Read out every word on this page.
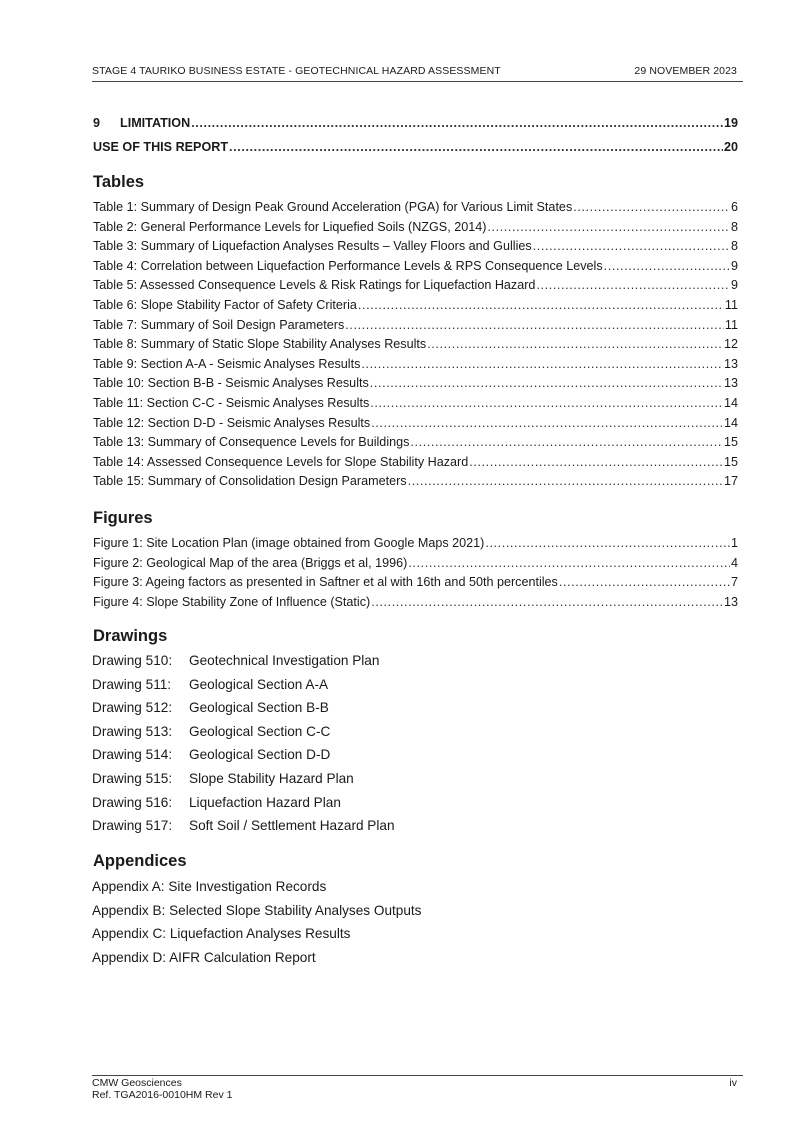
STAGE 4 TAURIKO BUSINESS ESTATE - GEOTECHNICAL HAZARD ASSESSMENT	29 NOVEMBER 2023
9	LIMITATION .....	19
USE OF THIS REPORT .....	20
Tables
Table 1: Summary of Design Peak Ground Acceleration (PGA) for Various Limit States .....	6
Table 2: General Performance Levels for Liquefied Soils (NZGS, 2014) .....	8
Table 3: Summary of Liquefaction Analyses Results – Valley Floors and Gullies .....	8
Table 4: Correlation between Liquefaction Performance Levels & RPS Consequence Levels .....	9
Table 5: Assessed Consequence Levels & Risk Ratings for Liquefaction Hazard .....	9
Table 6: Slope Stability Factor of Safety Criteria .....	11
Table 7: Summary of Soil Design Parameters .....	11
Table 8: Summary of Static Slope Stability Analyses Results .....	12
Table 9: Section A-A - Seismic Analyses Results .....	13
Table 10: Section B-B - Seismic Analyses Results .....	13
Table 11: Section C-C - Seismic Analyses Results .....	14
Table 12: Section D-D - Seismic Analyses Results .....	14
Table 13: Summary of Consequence Levels for Buildings .....	15
Table 14: Assessed Consequence Levels for Slope Stability Hazard .....	15
Table 15: Summary of Consolidation Design Parameters .....	17
Figures
Figure 1: Site Location Plan (image obtained from Google Maps 2021) .....	1
Figure 2: Geological Map of the area (Briggs et al, 1996) .....	4
Figure 3: Ageing factors as presented in Saftner et al with 16th and 50th percentiles .....	7
Figure 4: Slope Stability Zone of Influence (Static) .....	13
Drawings
Drawing 510: Geotechnical Investigation Plan
Drawing 511: Geological Section A-A
Drawing 512: Geological Section B-B
Drawing 513: Geological Section C-C
Drawing 514: Geological Section D-D
Drawing 515: Slope Stability Hazard Plan
Drawing 516: Liquefaction Hazard Plan
Drawing 517: Soft Soil / Settlement Hazard Plan
Appendices
Appendix A: Site Investigation Records
Appendix B: Selected Slope Stability Analyses Outputs
Appendix C: Liquefaction Analyses Results
Appendix D: AIFR Calculation Report
CMW Geosciences
Ref. TGA2016-0010HM Rev 1
iv
